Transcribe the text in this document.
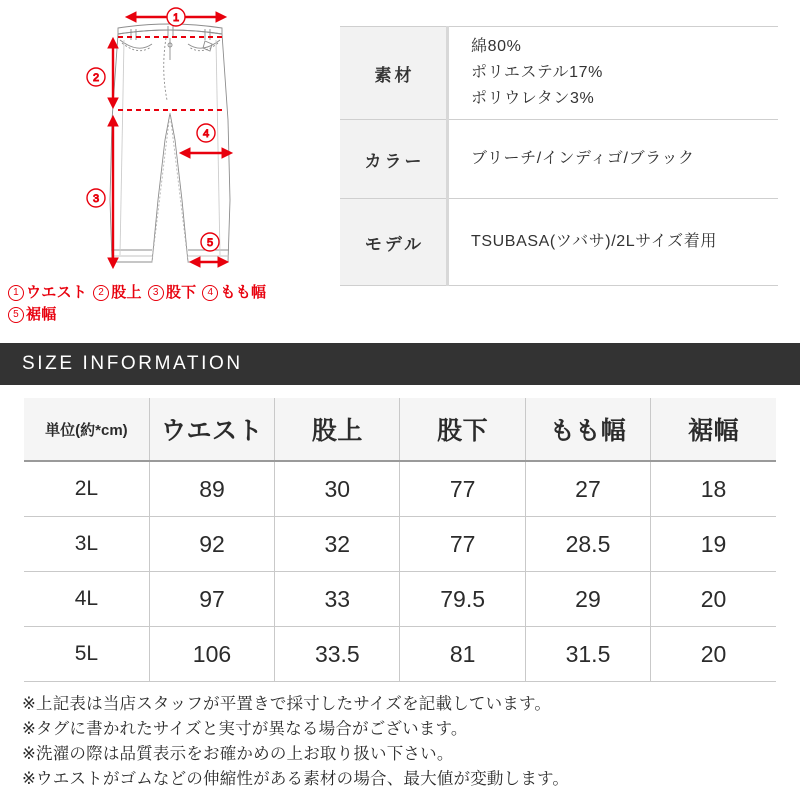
1
2
3
4
5
1 ウエスト 2 股上 3 股下 4 もも幅
5 裾幅
素材	綿80%
ポリエステル17%
ポリウレタン3%

カラー	ブリーチ/インディゴ/ブラック
モデル	TSUBASA(ツバサ)/2Lサイズ着用
SIZE INFORMATION
単位(約*cm)	ウエスト	股上	股下	もも幅	裾幅
2L	89	30	77	27	18
3L	92	32	77	28.5	19
4L	97	33	79.5	29	20
5L	106	33.5	81	31.5	20
※上記表は当店スタッフが平置きで採寸したサイズを記載しています。
※タグに書かれたサイズと実寸が異なる場合がございます。
※洗濯の際は品質表示をお確かめの上お取り扱い下さい。
※ウエストがゴムなどの伸縮性がある素材の場合、最大値が変動します。
